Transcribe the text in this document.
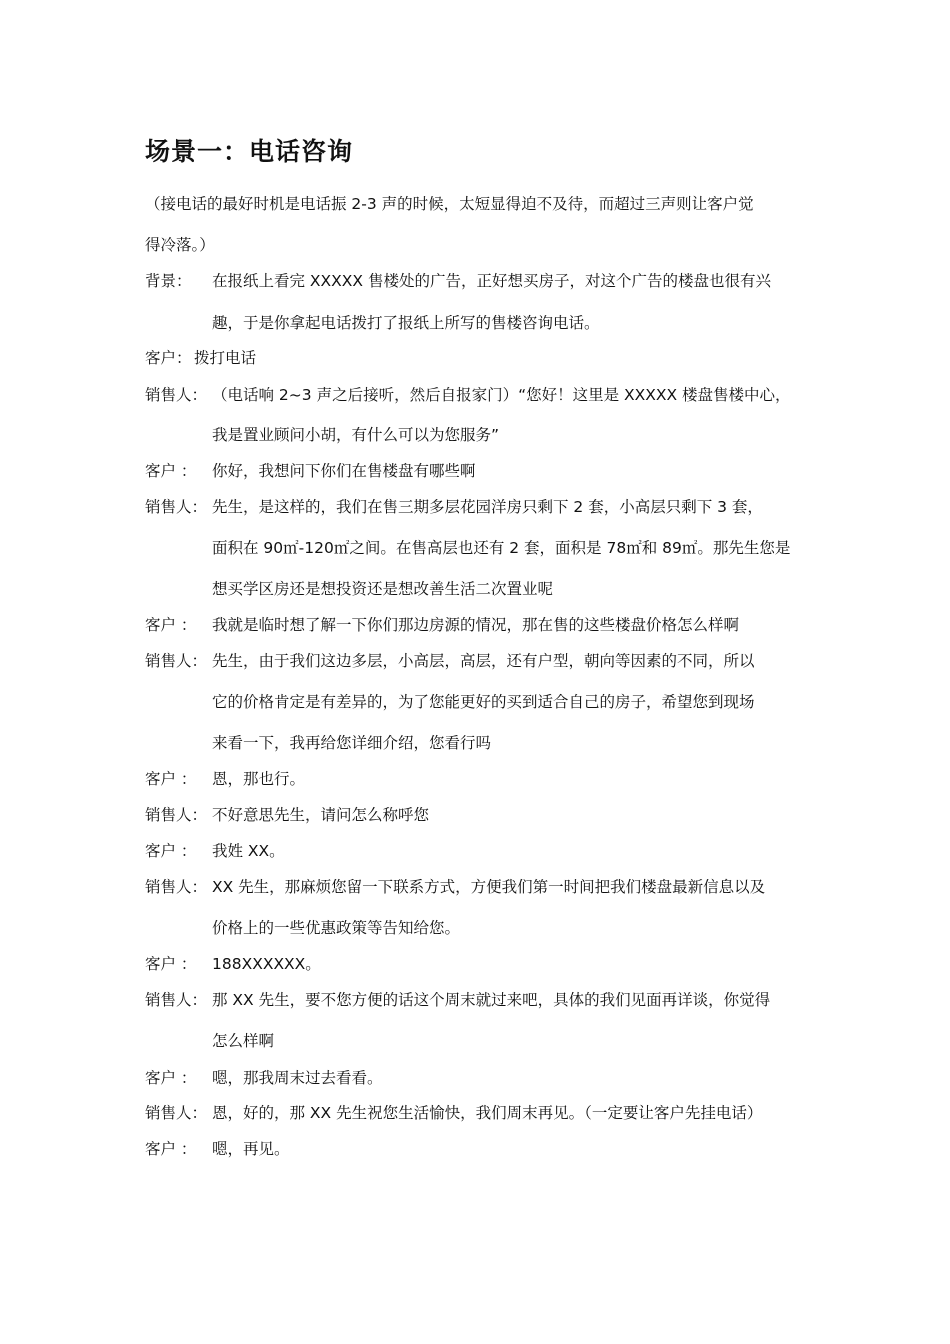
场景一：电话咨询
（接电话的最好时机是电话振 2-3 声的时候，太短显得迫不及待，而超过三声则让客户觉
得冷落。）
背景： 在报纸上看完 XXXXX 售楼处的广告，正好想买房子，对这个广告的楼盘也很有兴
趣，于是你拿起电话拨打了报纸上所写的售楼咨询电话。
客户： 拨打电话
销售人： （电话响 2~3 声之后接听，然后自报家门）“您好！这里是 XXXXX 楼盘售楼中心，
我是置业顾问小胡，有什么可以为您服务”
客户 ： 你好，我想问下你们在售楼盘有哪些啊
销售人： 先生，是这样的，我们在售三期多层花园洋房只剩下 2 套，小高层只剩下 3 套，
面积在 90㎡-120㎡之间。在售高层也还有 2 套，面积是 78㎡和 89㎡。那先生您是
想买学区房还是想投资还是想改善生活二次置业呢
客户 ： 我就是临时想了解一下你们那边房源的情况，那在售的这些楼盘价格怎么样啊
销售人： 先生，由于我们这边多层，小高层，高层，还有户型，朝向等因素的不同，所以
它的价格肯定是有差异的，为了您能更好的买到适合自己的房子，希望您到现场
来看一下，我再给您详细介绍，您看行吗
客户 ： 恩，那也行。
销售人： 不好意思先生，请问怎么称呼您
客户 ： 我姓 XX。
销售人： XX 先生，那麻烦您留一下联系方式，方便我们第一时间把我们楼盘最新信息以及
价格上的一些优惠政策等告知给您。
客户 ： 188XXXXXX。
销售人： 那 XX 先生，要不您方便的话这个周末就过来吧，具体的我们见面再详谈，你觉得
怎么样啊
客户 ： 嗯，那我周末过去看看。
销售人： 恩，好的，那 XX 先生祝您生活愉快，我们周末再见。（一定要让客户先挂电话）
客户 ： 嗯，再见。
